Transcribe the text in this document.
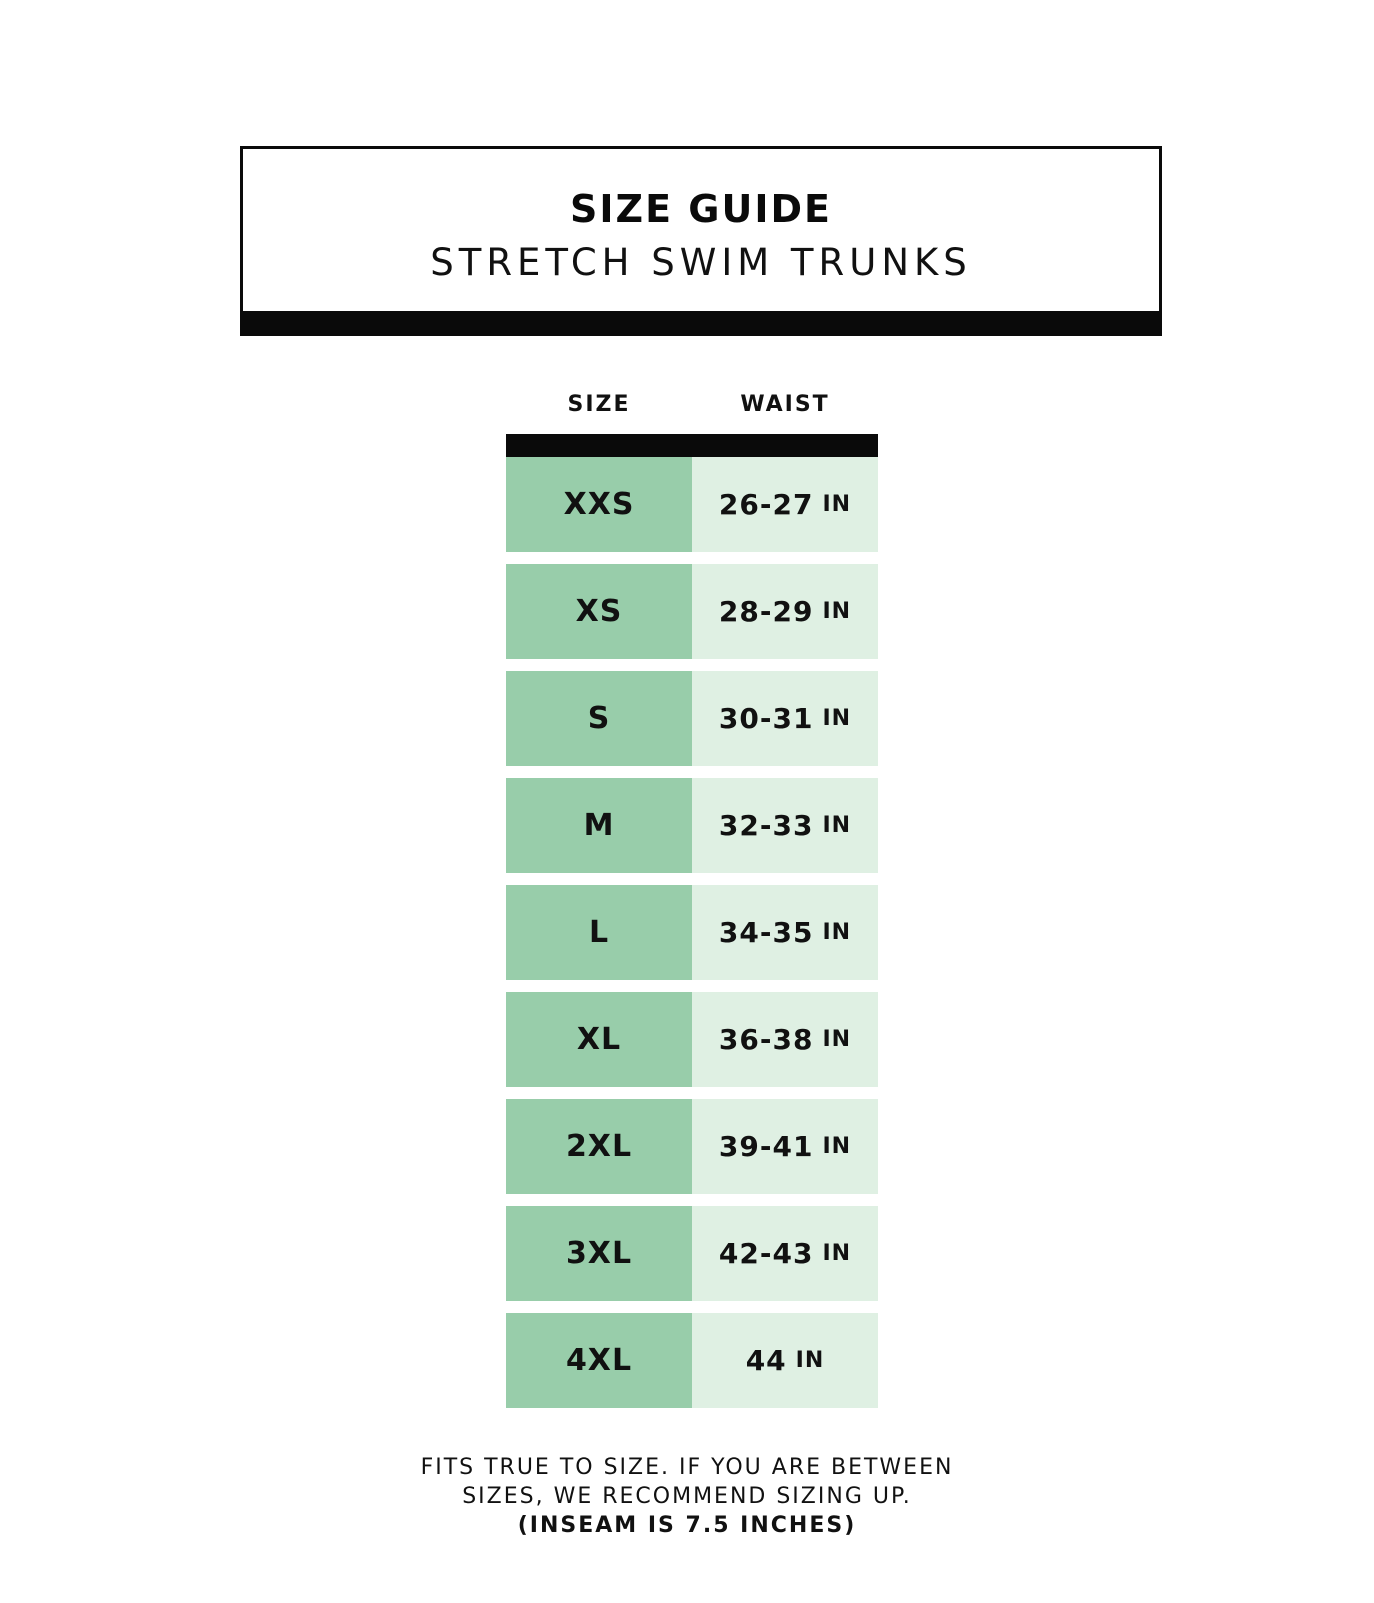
SIZE GUIDE
STRETCH SWIM TRUNKS
SIZE	WAIST
XXS	26-27 IN
XS	28-29 IN
S	30-31 IN
M	32-33 IN
L	34-35 IN
XL	36-38 IN
2XL	39-41 IN
3XL	42-43 IN
4XL	44 IN
FITS TRUE TO SIZE. IF YOU ARE BETWEEN
SIZES, WE RECOMMEND SIZING UP.
(INSEAM IS 7.5 INCHES)
